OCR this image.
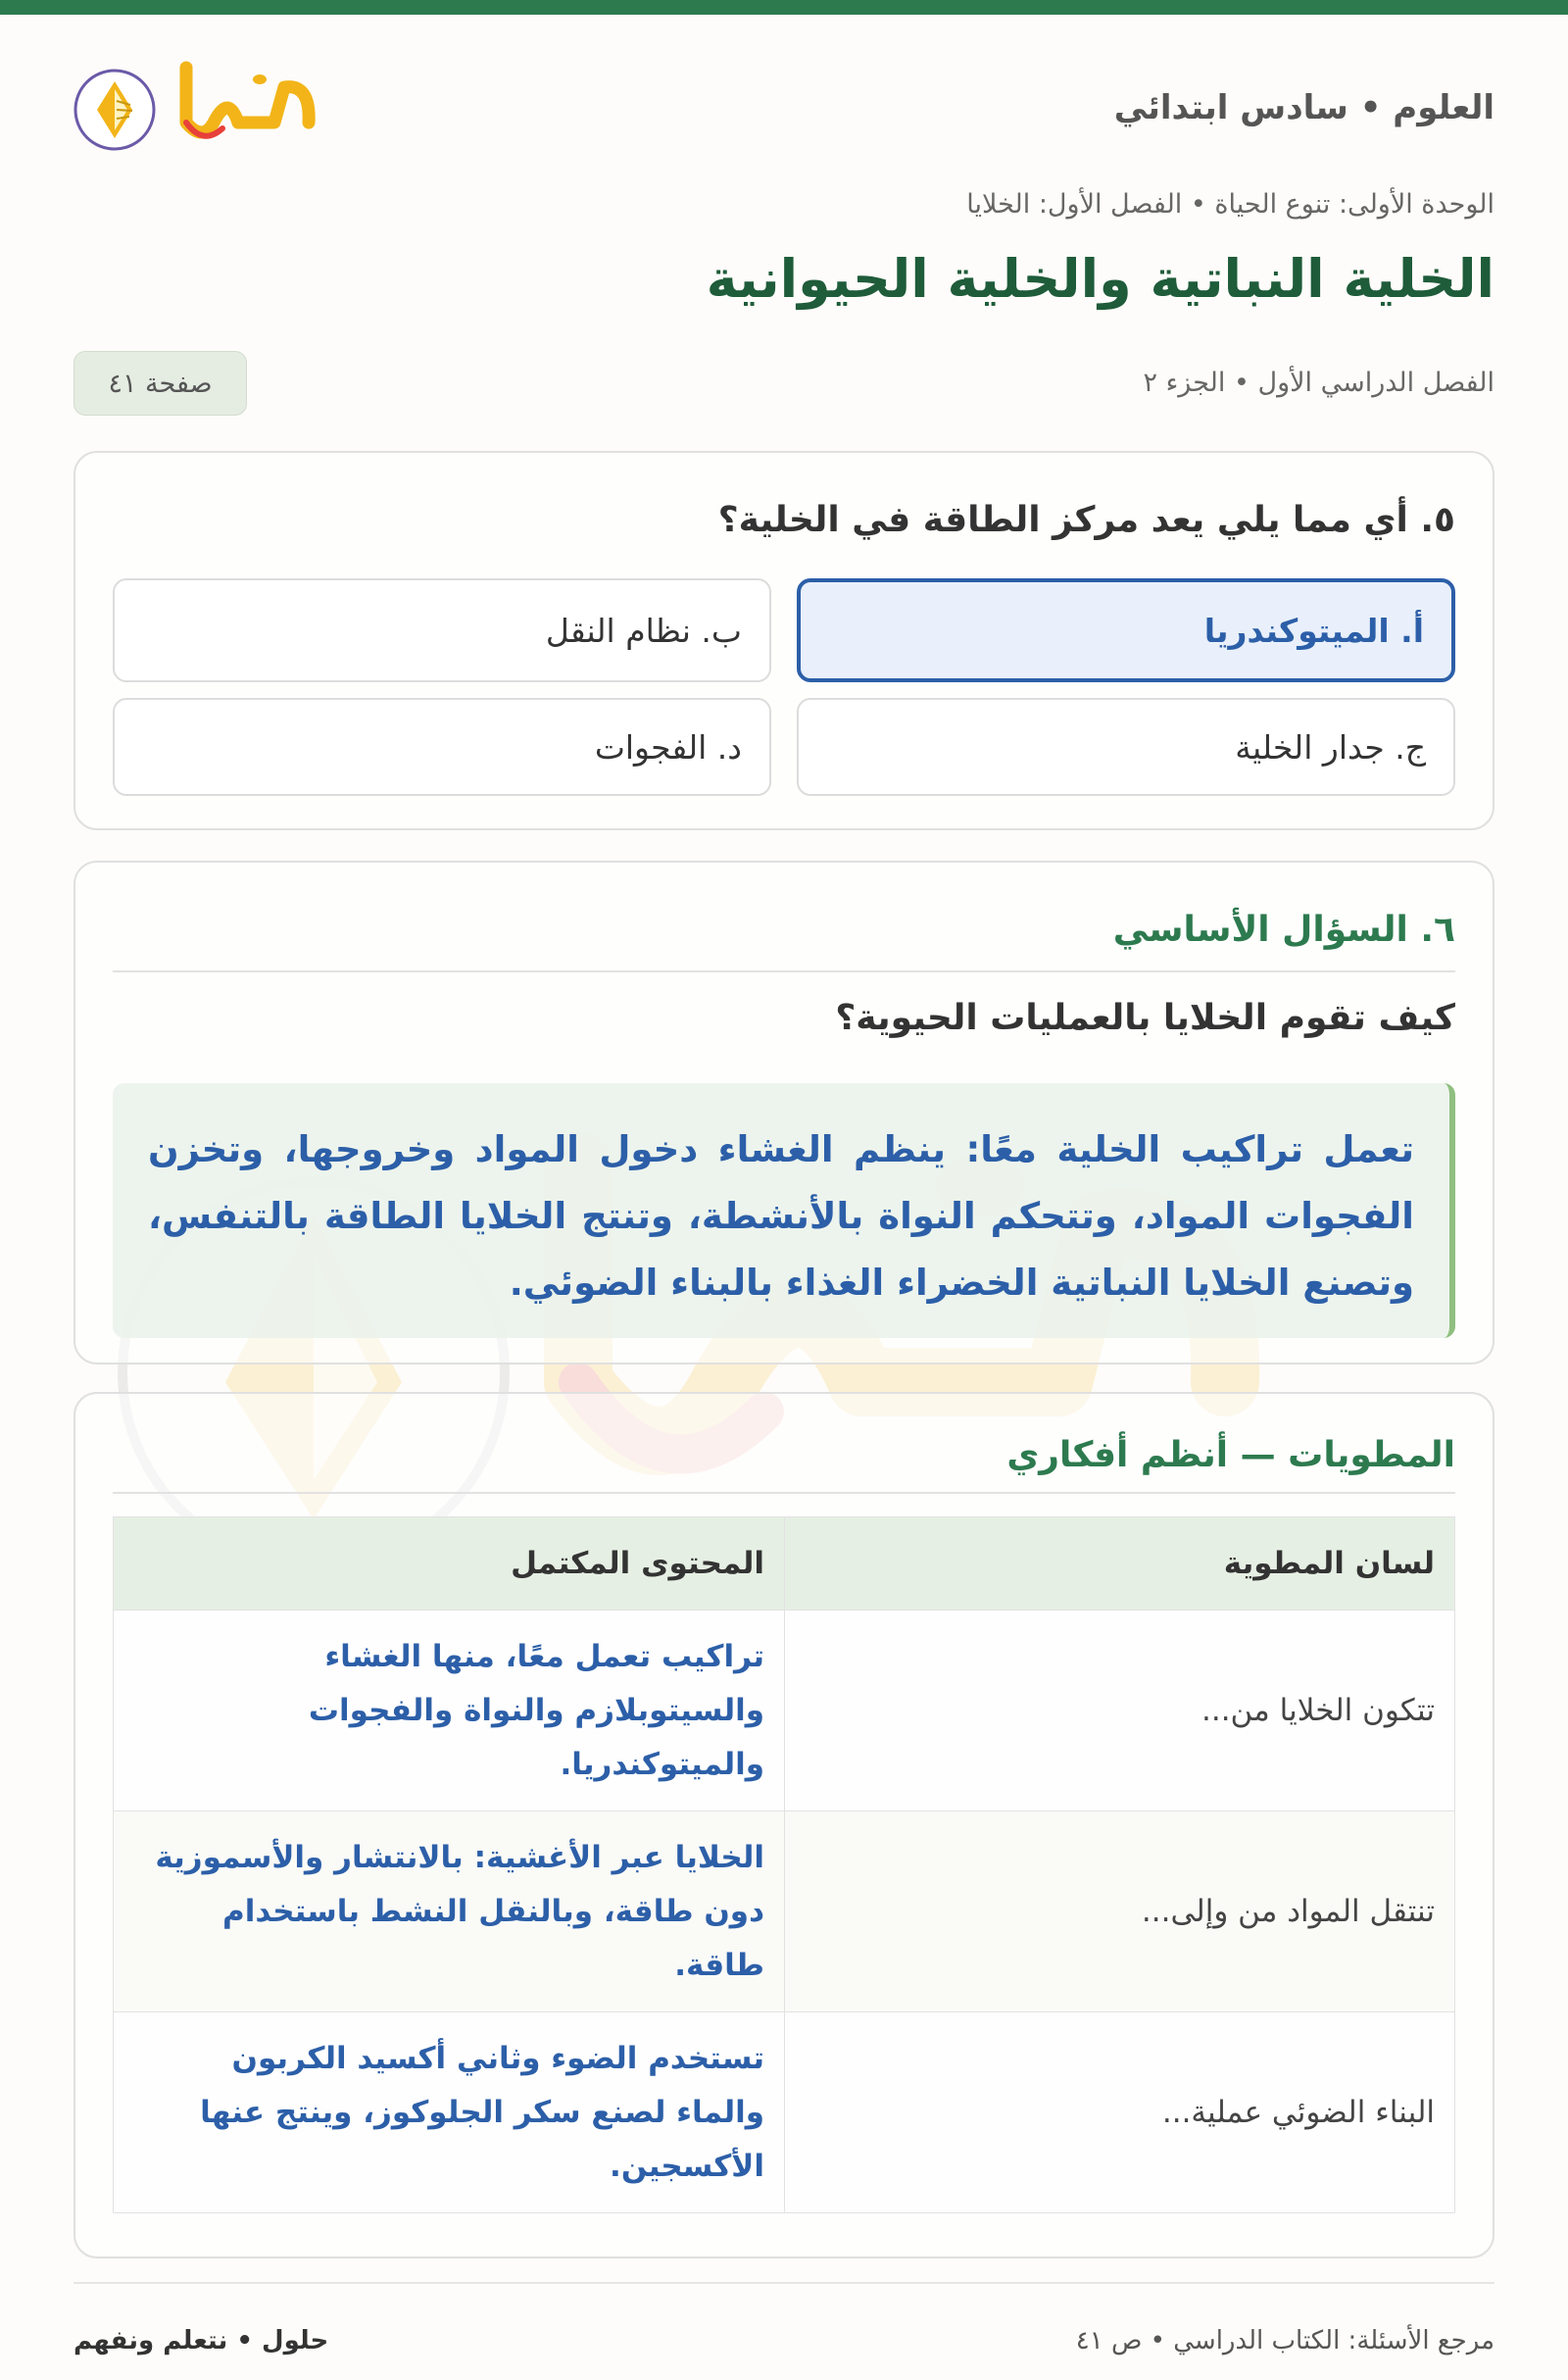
العلوم • سادس ابتدائي
الوحدة الأولى: تنوع الحياة • الفصل الأول: الخلايا
الخلية النباتية والخلية الحيوانية
الفصل الدراسي الأول • الجزء ٢
صفحة ٤١
٥. أي مما يلي يعد مركز الطاقة في الخلية؟
أ. الميتوكندريا
ب. نظام النقل
ج. جدار الخلية
د. الفجوات
٦. السؤال الأساسي
كيف تقوم الخلايا بالعمليات الحيوية؟
تعمل تراكيب الخلية معًا: ينظم الغشاء دخول المواد وخروجها، وتخزن الفجوات المواد، وتتحكم النواة بالأنشطة، وتنتج الخلايا الطاقة بالتنفس، وتصنع الخلايا النباتية الخضراء الغذاء بالبناء الضوئي.
المطويات — أنظم أفكاري
لسان المطوية	المحتوى المكتمل
تتكون الخلايا من...	تراكيب تعمل معًا، منها الغشاء والسيتوبلازم والنواة والفجوات والميتوكندريا.
تنتقل المواد من وإلى...	الخلايا عبر الأغشية: بالانتشار والأسموزية دون طاقة، وبالنقل النشط باستخدام طاقة.
البناء الضوئي عملية...	تستخدم الضوء وثاني أكسيد الكربون والماء لصنع سكر الجلوكوز، وينتج عنها الأكسجين.
مرجع الأسئلة: الكتاب الدراسي • ص ٤١
حلول • نتعلم ونفهم
